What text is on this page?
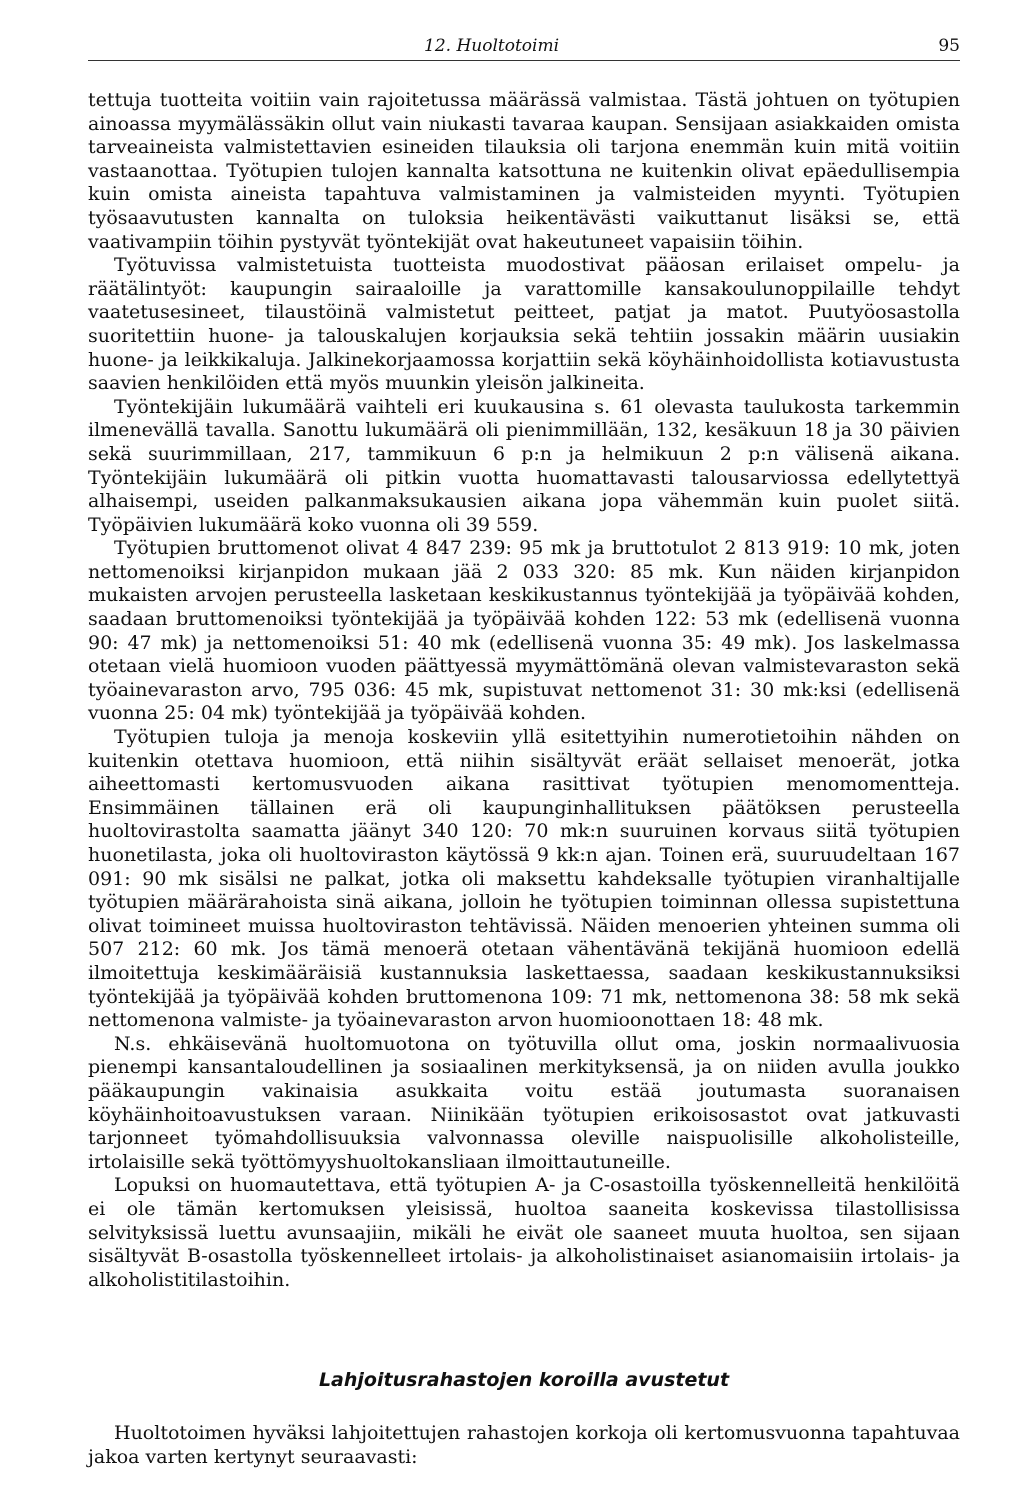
12. Huoltotoimi	95

tettuja tuotteita voitiin vain rajoitetussa määrässä valmistaa. Tästä johtuen on työtupien ainoassa myymälässäkin ollut vain niukasti tavaraa kaupan. Sensijaan asiakkaiden omista tarveaineista valmistettavien esineiden tilauksia oli tarjona enemmän kuin mitä voitiin vastaanottaa. Työtupien tulojen kannalta katsottuna ne kuitenkin olivat epäedullisempia kuin omista aineista tapahtuva valmistaminen ja valmisteiden myynti. Työtupien työsaavutusten kannalta on tuloksia heikentävästi vaikuttanut lisäksi se, että vaativampiin töihin pystyvät työntekijät ovat hakeutuneet vapaisiin töihin.

Työtuvissa valmistetuista tuotteista muodostivat pääosan erilaiset ompelu- ja räätälintyöt: kaupungin sairaaloille ja varattomille kansakoulunoppilaille tehdyt vaatetusesineet, tilaustöinä valmistetut peitteet, patjat ja matot. Puutyöosastolla suoritettiin huone- ja talouskalujen korjauksia sekä tehtiin jossakin määrin uusiakin huone- ja leikkikaluja. Jalkinekorjaamossa korjattiin sekä köyhäinhoidollista kotiavustusta saavien henkilöiden että myös muunkin yleisön jalkineita.

Työntekijäin lukumäärä vaihteli eri kuukausina s. 61 olevasta taulukosta tarkemmin ilmenevällä tavalla. Sanottu lukumäärä oli pienimmillään, 132, kesäkuun 18 ja 30 päivien sekä suurimmillaan, 217, tammikuun 6 p:n ja helmikuun 2 p:n välisenä aikana. Työntekijäin lukumäärä oli pitkin vuotta huomattavasti talousarviossa edellytettyä alhaisempi, useiden palkanmaksukausien aikana jopa vähemmän kuin puolet siitä. Työpäivien lukumäärä koko vuonna oli 39 559.

Työtupien bruttomenot olivat 4 847 239: 95 mk ja bruttotulot 2 813 919: 10 mk, joten nettomenoiksi kirjanpidon mukaan jää 2 033 320: 85 mk. Kun näiden kirjanpidon mukaisten arvojen perusteella lasketaan keskikustannus työntekijää ja työpäivää kohden, saadaan bruttomenoiksi työntekijää ja työpäivää kohden 122: 53 mk (edellisenä vuonna 90: 47 mk) ja nettomenoiksi 51: 40 mk (edellisenä vuonna 35: 49 mk). Jos laskelmassa otetaan vielä huomioon vuoden päättyessä myymättömänä olevan valmistevaraston sekä työainevaraston arvo, 795 036: 45 mk, supistuvat nettomenot 31: 30 mk:ksi (edellisenä vuonna 25: 04 mk) työntekijää ja työpäivää kohden.

Työtupien tuloja ja menoja koskeviin yllä esitettyihin numerotietoihin nähden on kuitenkin otettava huomioon, että niihin sisältyvät eräät sellaiset menoerät, jotka aiheettomasti kertomusvuoden aikana rasittivat työtupien menomomentteja. Ensimmäinen tällainen erä oli kaupunginhallituksen päätöksen perusteella huoltovirastolta saamatta jäänyt 340 120: 70 mk:n suuruinen korvaus siitä työtupien huonetilasta, joka oli huoltoviraston käytössä 9 kk:n ajan. Toinen erä, suuruudeltaan 167 091: 90 mk sisälsi ne palkat, jotka oli maksettu kahdeksalle työtupien viranhaltijalle työtupien määrärahoista sinä aikana, jolloin he työtupien toiminnan ollessa supistettuna olivat toimineet muissa huoltoviraston tehtävissä. Näiden menoerien yhteinen summa oli 507 212: 60 mk. Jos tämä menoerä otetaan vähentävänä tekijänä huomioon edellä ilmoitettuja keskimääräisiä kustannuksia laskettaessa, saadaan keskikustannuksiksi työntekijää ja työpäivää kohden bruttomenona 109: 71 mk, nettomenona 38: 58 mk sekä nettomenona valmiste- ja työainevaraston arvon huomioonottaen 18: 48 mk.

N.s. ehkäisevänä huoltomuotona on työtuvilla ollut oma, joskin normaalivuosia pienempi kansantaloudellinen ja sosiaalinen merkityksensä, ja on niiden avulla joukko pääkaupungin vakinaisia asukkaita voitu estää joutumasta suoranaisen köyhäinhoitoavustuksen varaan. Niinikään työtupien erikoisosastot ovat jatkuvasti tarjonneet työmahdollisuuksia valvonnassa oleville naispuolisille alkoholisteille, irtolaisille sekä työttömyyshuoltokansliaan ilmoittautuneille.

Lopuksi on huomautettava, että työtupien A- ja C-osastoilla työskennelleitä henkilöitä ei ole tämän kertomuksen yleisissä, huoltoa saaneita koskevissa tilastollisissa selvityksissä luettu avunsaajiin, mikäli he eivät ole saaneet muuta huoltoa, sen sijaan sisältyvät B-osastolla työskennelleet irtolais- ja alkoholistinaiset asianomaisiin irtolais- ja alkoholistitilastoihin.

Lahjoitusrahastojen koroilla avustetut

Huoltotoimen hyväksi lahjoitettujen rahastojen korkoja oli kertomusvuonna tapahtuvaa jakoa varten kertynyt seuraavasti:
